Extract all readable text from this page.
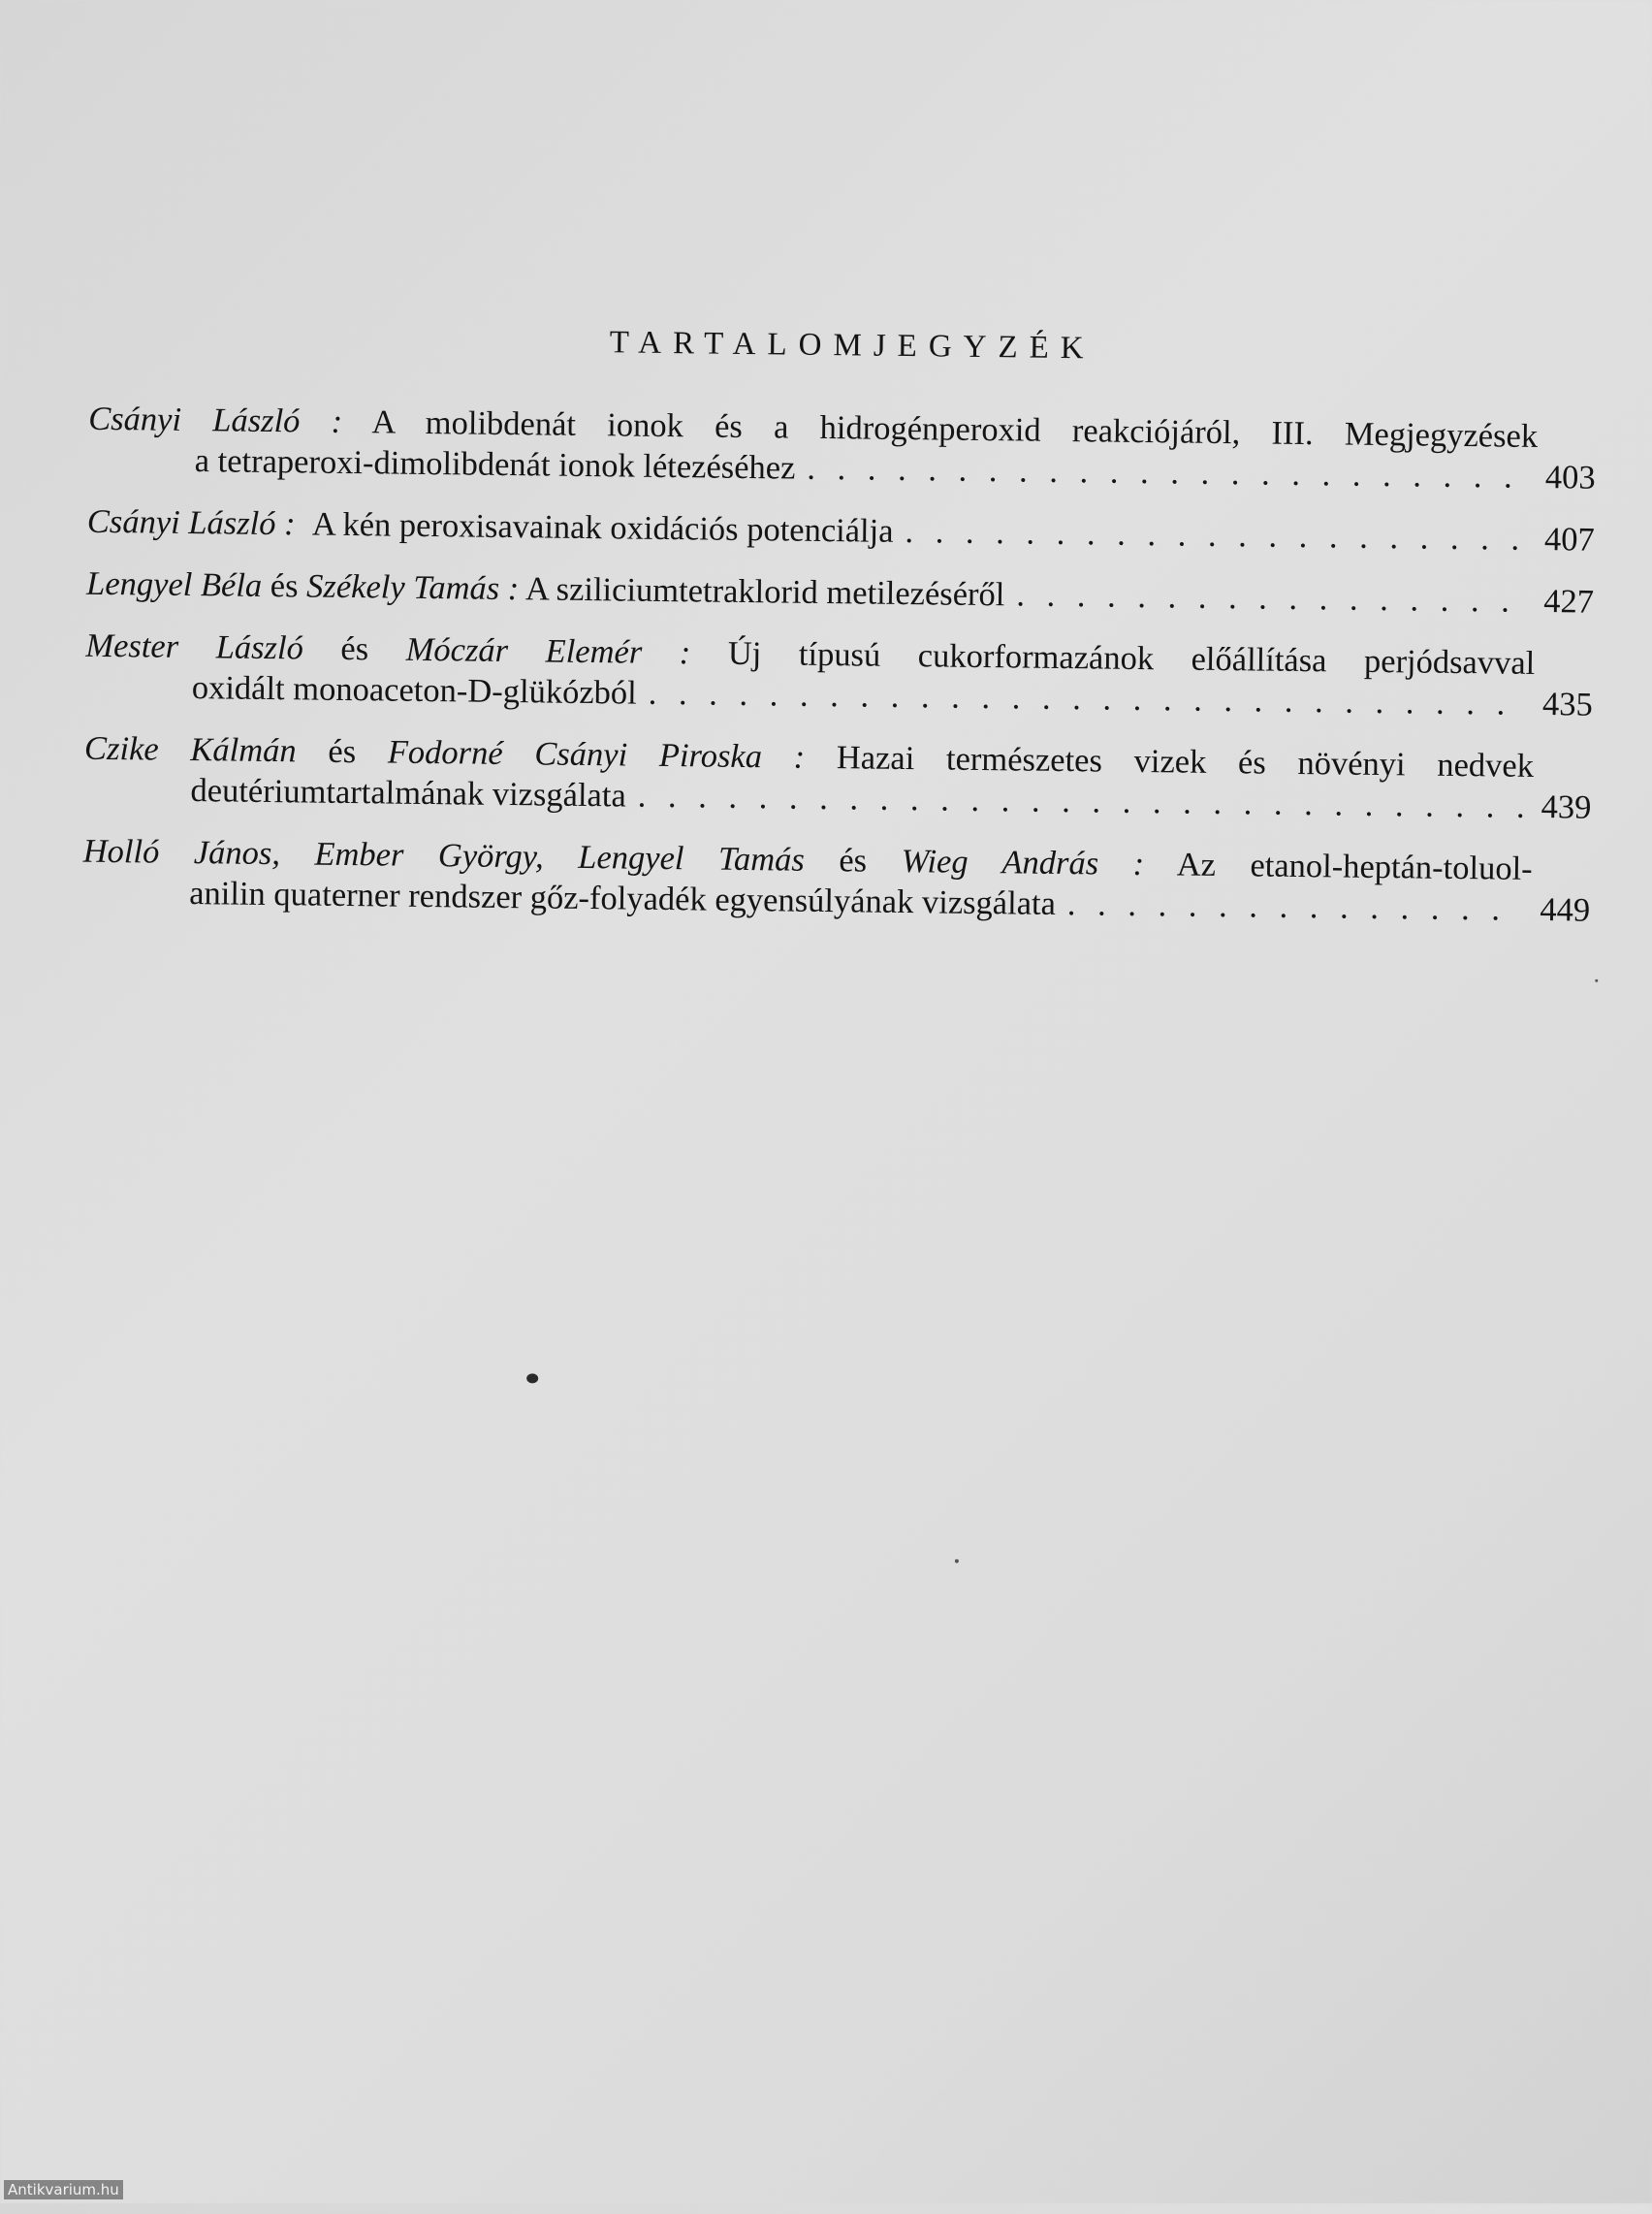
TARTALOMJEGYZÉK
Csányi László : A molibdenát ionok és a hidrogénperoxid reakciójáról, III. Megjegyzések
a tetraperoxi-dimolibdenát ionok létezéséhez . . .	403
Csányi László : A kén peroxisavainak oxidációs potenciálja . . .	407
Lengyel Béla és Székely Tamás : A sziliciumtetraklorid metilezéséről . . .	427
Mester László és Móczár Elemér : Új típusú cukorformazánok előállítása perjódsavval
oxidált monoaceton-D-glükózból . . .	435
Czike Kálmán és Fodorné Csányi Piroska : Hazai természetes vizek és növényi nedvek
deutériumtartalmának vizsgálata . . .	439
Holló János, Ember György, Lengyel Tamás és Wieg András : Az etanol-heptán-toluol-
anilin quaterner rendszer gőz-folyadék egyensúlyának vizsgálata . . .	449
Antikvarium.hu
